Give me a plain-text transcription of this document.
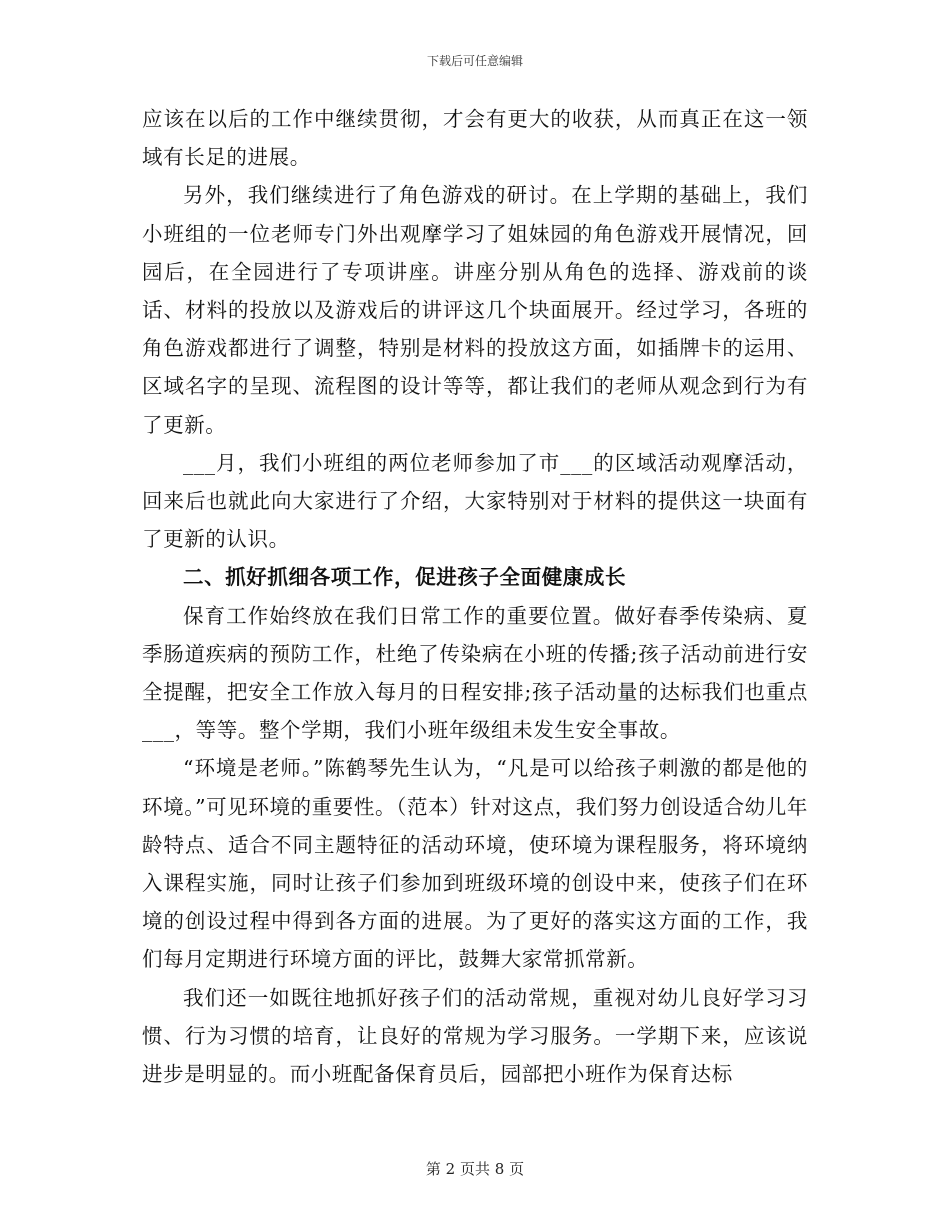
下载后可任意编辑

应该在以后的工作中继续贯彻，才会有更大的收获，从而真正在这一领域有长足的进展。

另外，我们继续进行了角色游戏的研讨。在上学期的基础上，我们小班组的一位老师专门外出观摩学习了姐妹园的角色游戏开展情况，回园后，在全园进行了专项讲座。讲座分别从角色的选择、游戏前的谈话、材料的投放以及游戏后的讲评这几个块面展开。经过学习，各班的角色游戏都进行了调整，特别是材料的投放这方面，如插牌卡的运用、区域名字的呈现、流程图的设计等等，都让我们的老师从观念到行为有了更新。

___月，我们小班组的两位老师参加了市___的区域活动观摩活动，回来后也就此向大家进行了介绍，大家特别对于材料的提供这一块面有了更新的认识。

二、抓好抓细各项工作，促进孩子全面健康成长

保育工作始终放在我们日常工作的重要位置。做好春季传染病、夏季肠道疾病的预防工作，杜绝了传染病在小班的传播;孩子活动前进行安全提醒，把安全工作放入每月的日程安排;孩子活动量的达标我们也重点___，等等。整个学期，我们小班年级组未发生安全事故。

“环境是老师。”陈鹤琴先生认为，“凡是可以给孩子刺激的都是他的环境。”可见环境的重要性。（范本）针对这点，我们努力创设适合幼儿年龄特点、适合不同主题特征的活动环境，使环境为课程服务，将环境纳入课程实施，同时让孩子们参加到班级环境的创设中来，使孩子们在环境的创设过程中得到各方面的进展。为了更好的落实这方面的工作，我们每月定期进行环境方面的评比，鼓舞大家常抓常新。

我们还一如既往地抓好孩子们的活动常规，重视对幼儿良好学习习惯、行为习惯的培育，让良好的常规为学习服务。一学期下来，应该说进步是明显的。而小班配备保育员后，园部把小班作为保育达标

第 2 页共 8 页
